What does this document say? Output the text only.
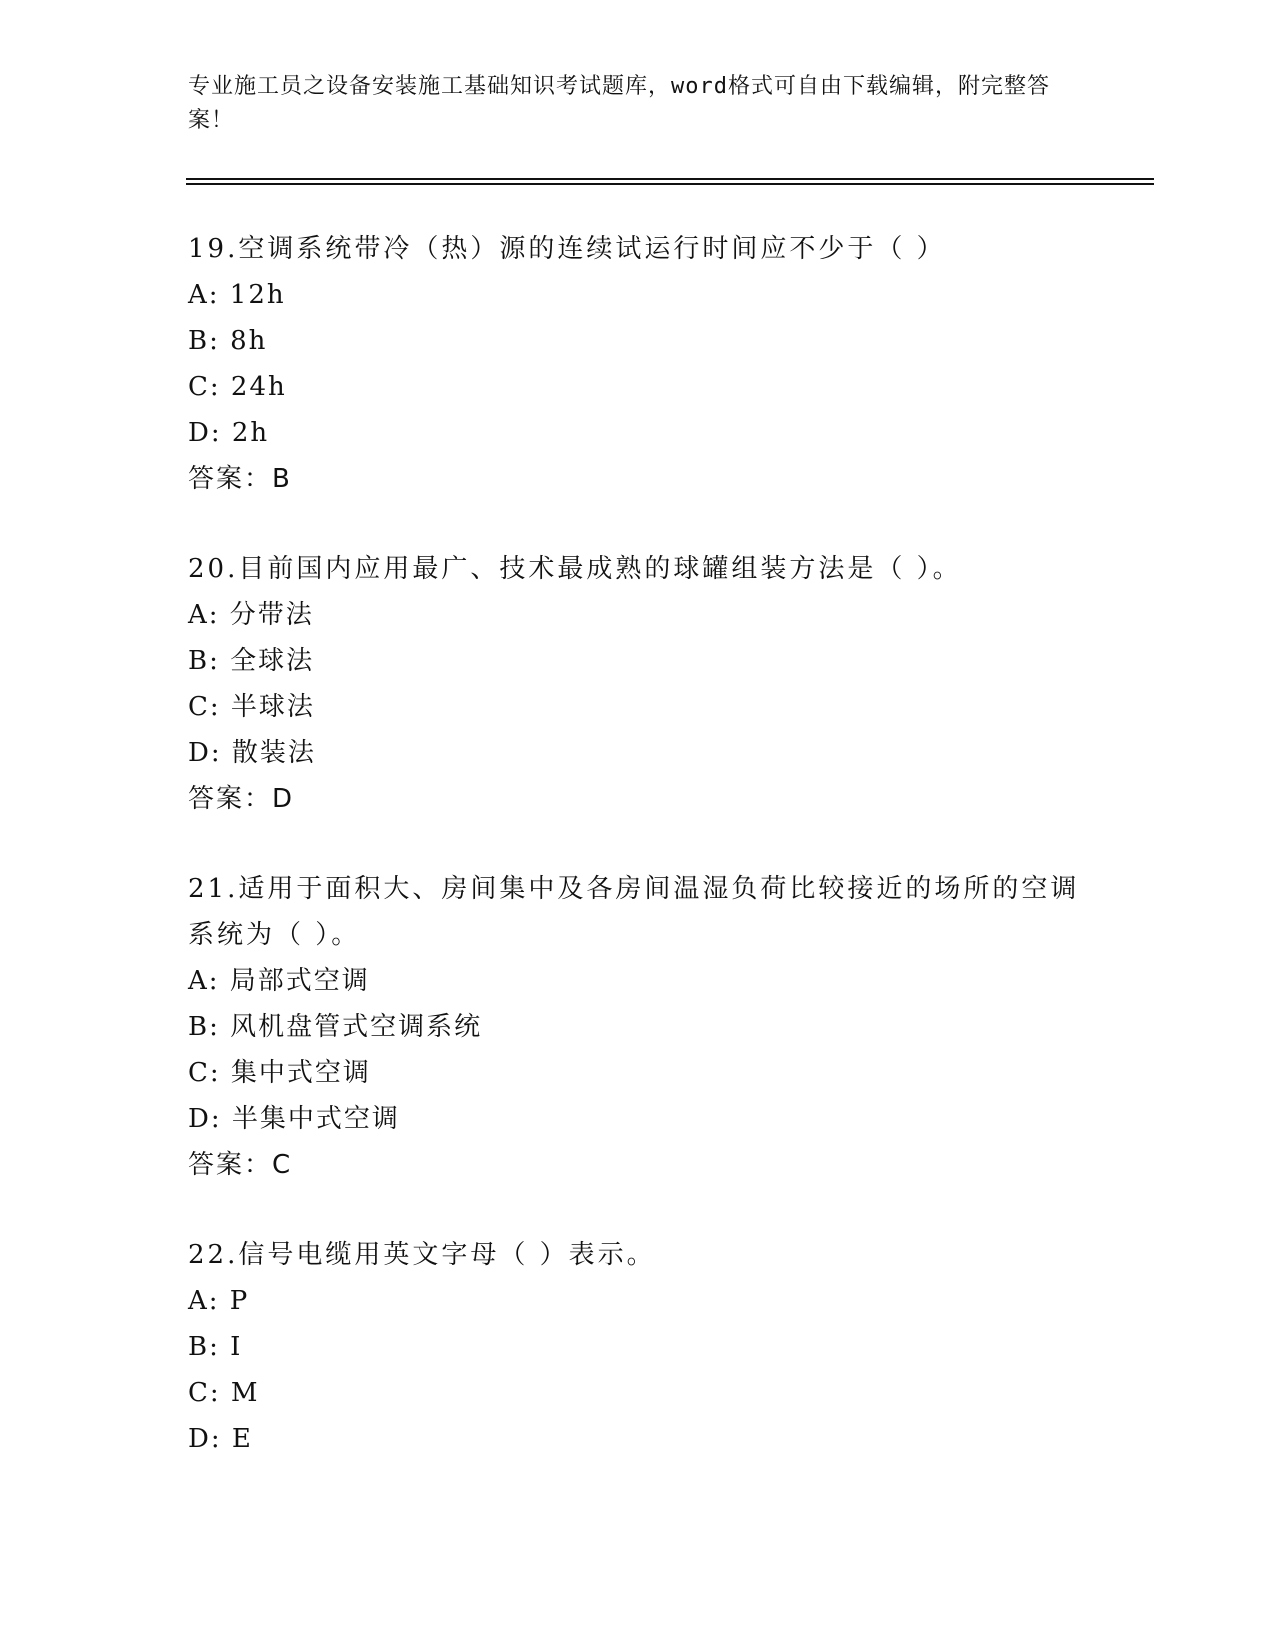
专业施工员之设备安装施工基础知识考试题库，word格式可自由下载编辑，附完整答案！
19.空调系统带冷（热）源的连续试运行时间应不少于（ ）
A: 12h
B: 8h
C: 24h
D: 2h
答案：B
20.目前国内应用最广、技术最成熟的球罐组装方法是（ ）。
A: 分带法
B: 全球法
C: 半球法
D: 散装法
答案：D
21.适用于面积大、房间集中及各房间温湿负荷比较接近的场所的空调系统为（ ）。
A: 局部式空调
B: 风机盘管式空调系统
C: 集中式空调
D: 半集中式空调
答案：C
22.信号电缆用英文字母（ ）表示。
A: P
B: I
C: M
D: E
